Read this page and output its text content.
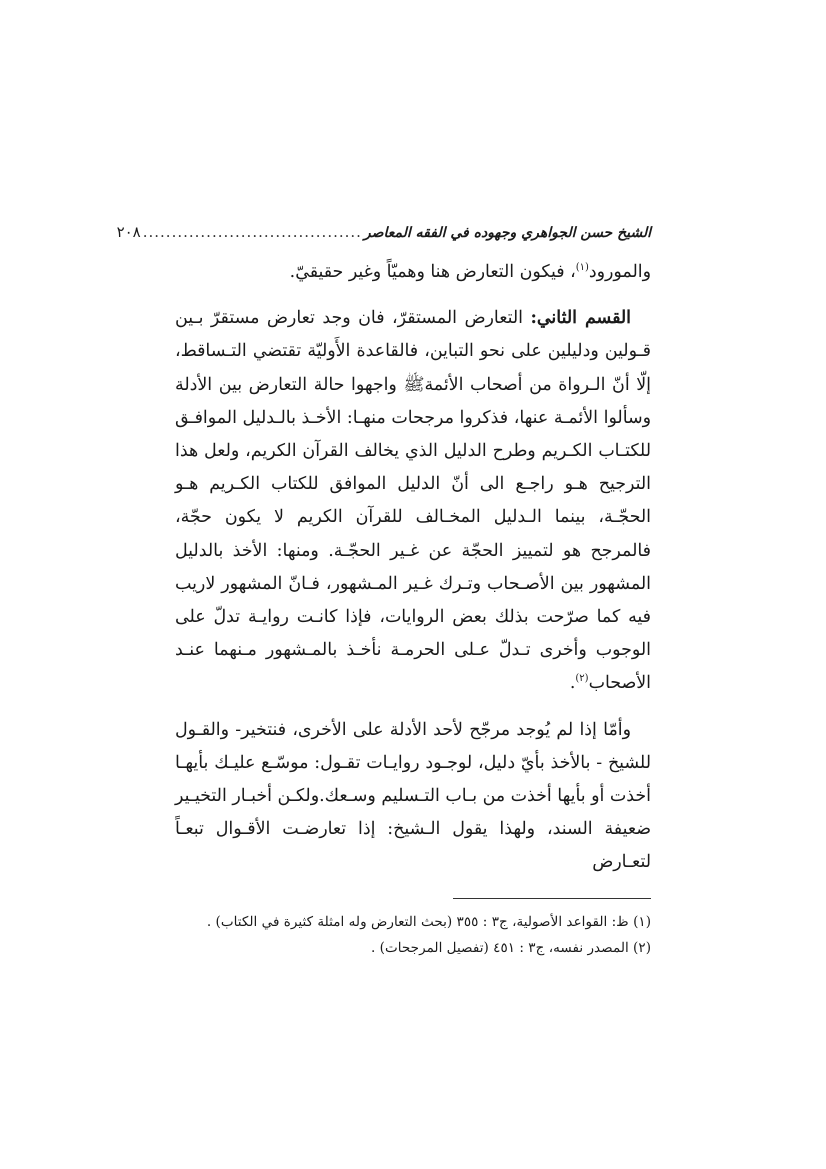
الشيخ حسن الجواهري وجهوده في الفقه المعاصر
......................................
٢٠٨

والمورود$^{(١)}$، فيكون التعارض هنا وهميّاً وغير حقيقيّ.

القسم الثاني: التعارض المستقرّ، فان وجد تعارض مستقرّ بـين قـولين ودليلين على نحو التباين، فالقاعدة الأَوليّة تقتضي التـساقط، إلّا أنّ الـرواة من أصحاب الأئمةﷺ واجهوا حالة التعارض بين الأدلة وسألوا الأئمـة عنها، فذكروا مرجحات منهـا: الأخـذ بالـدليل الموافـق للكتـاب الكـريم وطرح الدليل الذي يخالف القرآن الكريم، ولعل هذا الترجيح هـو راجـع الى أنّ الدليل الموافق للكتاب الكـريم هـو الحجّـة، بينما الـدليل المخـالف للقرآن الكريم لا يكون حجّة، فالمرجح هو لتمييز الحجّة عن غـير الحجّـة. ومنها: الأخذ بالدليل المشهور بين الأصـحاب وتـرك غـير المـشهور، فـانّ المشهور لاريب فيه كما صرّحت بذلك بعض الروايات، فإذا كانـت روايـة تدلّ على الوجوب وأخرى تـدلّ عـلى الحرمـة نأخـذ بالمـشهور مـنهما عنـد الأصحاب$^{(٢)}$.

وأمّا إذا لم يُوجد مرجّح لأحد الأدلة على الأخرى، فنتخير- والقـول للشيخ - بالأخذ بأيّ دليل، لوجـود روايـات تقـول: موسّـع عليـك بأيهـا أخذت أو بأيها أخذت من بـاب التـسليم وسـعك.ولكـن أخبـار التخيـير ضعيفة السند، ولهذا يقول الـشيخ: إذا تعارضـت الأقـوال تبعـاً لتعـارض

(١) ظ: القواعد الأصولية، ج٣ : ٣٥٥ (بحث التعارض وله امثلة كثيرة في الكتاب) .

(٢) المصدر نفسه، ج٣ : ٤٥١ (تفصيل المرجحات) .
